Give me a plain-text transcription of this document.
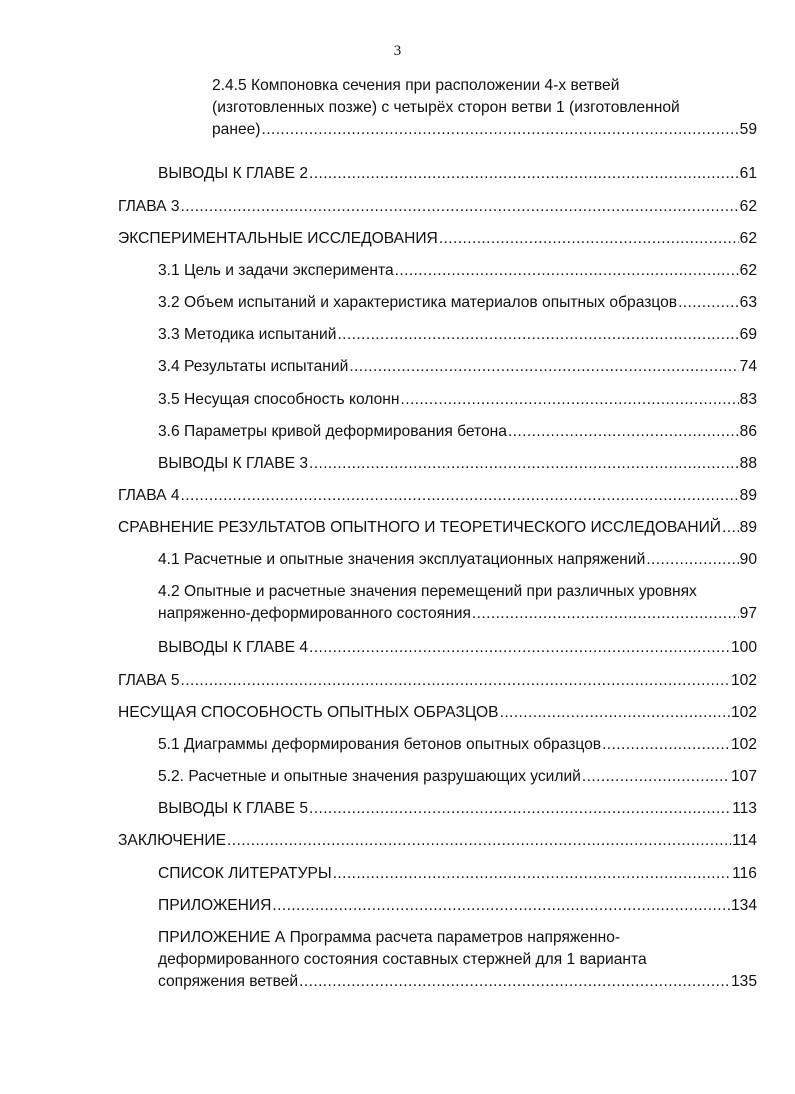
3
2.4.5 Компоновка сечения при расположении 4-х ветвей
(изготовленных позже) с четырёх сторон ветви 1 (изготовленной
ранее) .....	59
ВЫВОДЫ К ГЛАВЕ 2 .....	61
ГЛАВА 3 .....	62
ЭКСПЕРИМЕНТАЛЬНЫЕ ИССЛЕДОВАНИЯ .....	62
3.1 Цель и задачи эксперимента .....	62
3.2 Объем испытаний и характеристика материалов опытных образцов .....	63
3.3 Методика испытаний .....	69
3.4 Результаты испытаний .....	74
3.5 Несущая способность колонн .....	83
3.6 Параметры кривой деформирования бетона .....	86
ВЫВОДЫ К ГЛАВЕ 3 .....	88
ГЛАВА 4 .....	89
СРАВНЕНИЕ РЕЗУЛЬТАТОВ ОПЫТНОГО И ТЕОРЕТИЧЕСКОГО ИССЛЕДОВАНИЙ ..... 89
4.1 Расчетные и опытные значения эксплуатационных напряжений .....	90
4.2 Опытные и расчетные значения перемещений при различных уровнях
напряженно-деформированного состояния .....	97
ВЫВОДЫ К ГЛАВЕ 4 .....	100
ГЛАВА 5 .....	102
НЕСУЩАЯ СПОСОБНОСТЬ ОПЫТНЫХ ОБРАЗЦОВ .....	102
5.1 Диаграммы деформирования бетонов опытных образцов .....	102
5.2. Расчетные и опытные значения разрушающих усилий .....	107
ВЫВОДЫ К ГЛАВЕ 5 .....	113
ЗАКЛЮЧЕНИЕ .....	114
СПИСОК ЛИТЕРАТУРЫ .....	116
ПРИЛОЖЕНИЯ .....	134
ПРИЛОЖЕНИЕ А Программа расчета параметров напряженно-
деформированного состояния составных стержней для 1 варианта
сопряжения ветвей .....	135
